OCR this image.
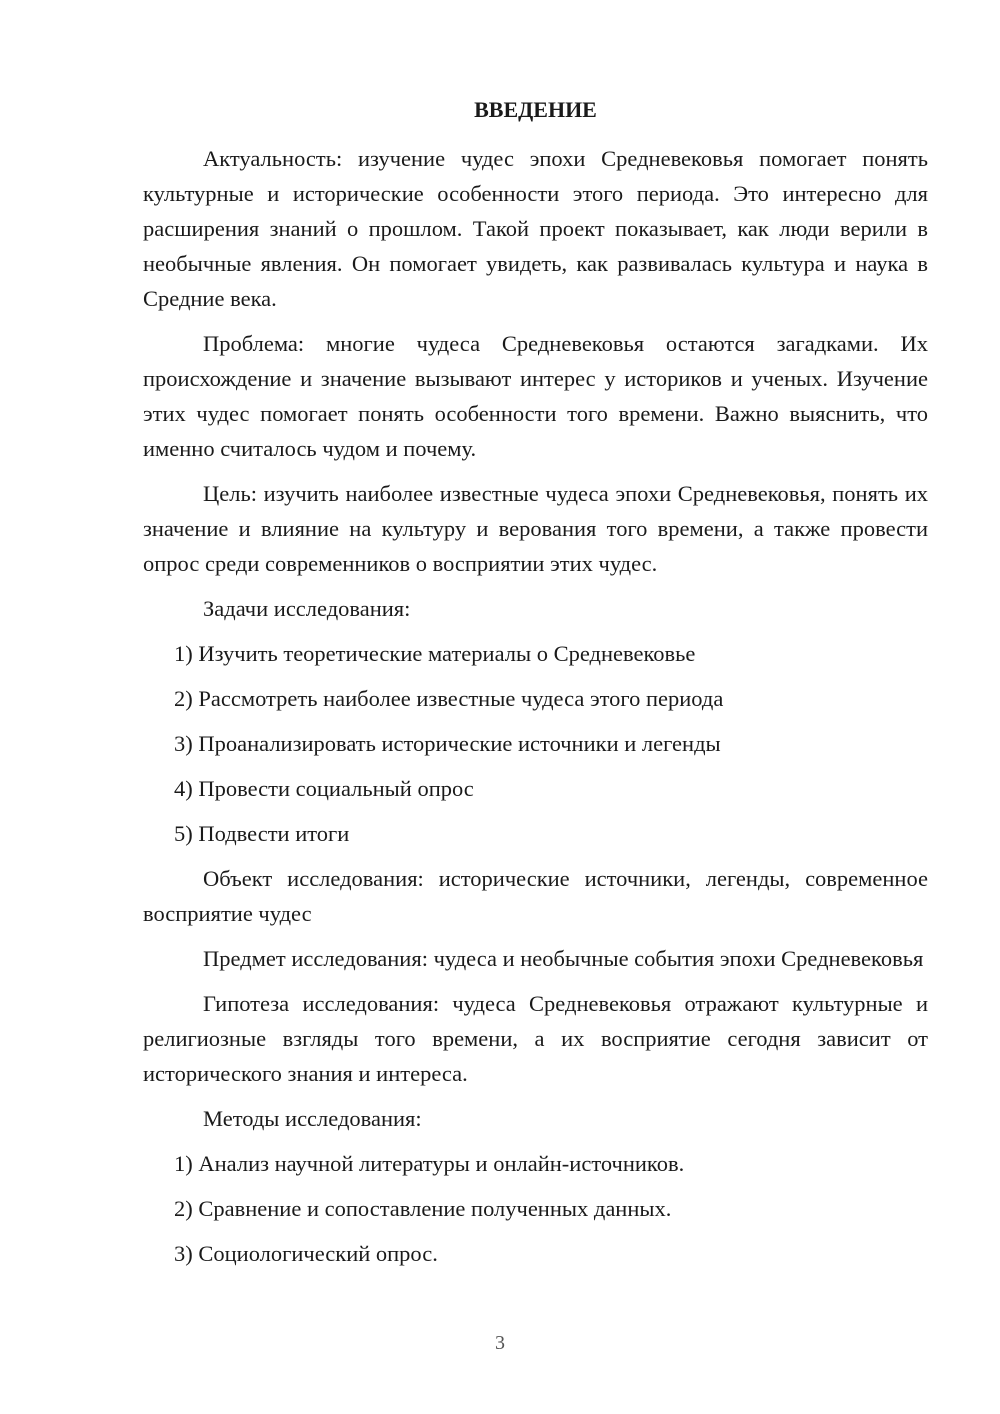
ВВЕДЕНИЕ

Актуальность: изучение чудес эпохи Средневековья помогает понять культурные и исторические особенности этого периода. Это интересно для расширения знаний о прошлом. Такой проект показывает, как люди верили в необычные явления. Он помогает увидеть, как развивалась культура и наука в Средние века.

Проблема: многие чудеса Средневековья остаются загадками. Их происхождение и значение вызывают интерес у историков и ученых. Изучение этих чудес помогает понять особенности того времени. Важно выяснить, что именно считалось чудом и почему.

Цель: изучить наиболее известные чудеса эпохи Средневековья, понять их значение и влияние на культуру и верования того времени, а также провести опрос среди современников о восприятии этих чудес.

Задачи исследования:

1) Изучить теоретические материалы о Средневековье

2) Рассмотреть наиболее известные чудеса этого периода

3) Проанализировать исторические источники и легенды

4) Провести социальный опрос

5) Подвести итоги

Объект исследования: исторические источники, легенды, современное восприятие чудес

Предмет исследования: чудеса и необычные события эпохи Средневековья

Гипотеза исследования: чудеса Средневековья отражают культурные и религиозные взгляды того времени, а их восприятие сегодня зависит от исторического знания и интереса.

Методы исследования:

1) Анализ научной литературы и онлайн-источников.

2) Сравнение и сопоставление полученных данных.

3) Социологический опрос.

3
